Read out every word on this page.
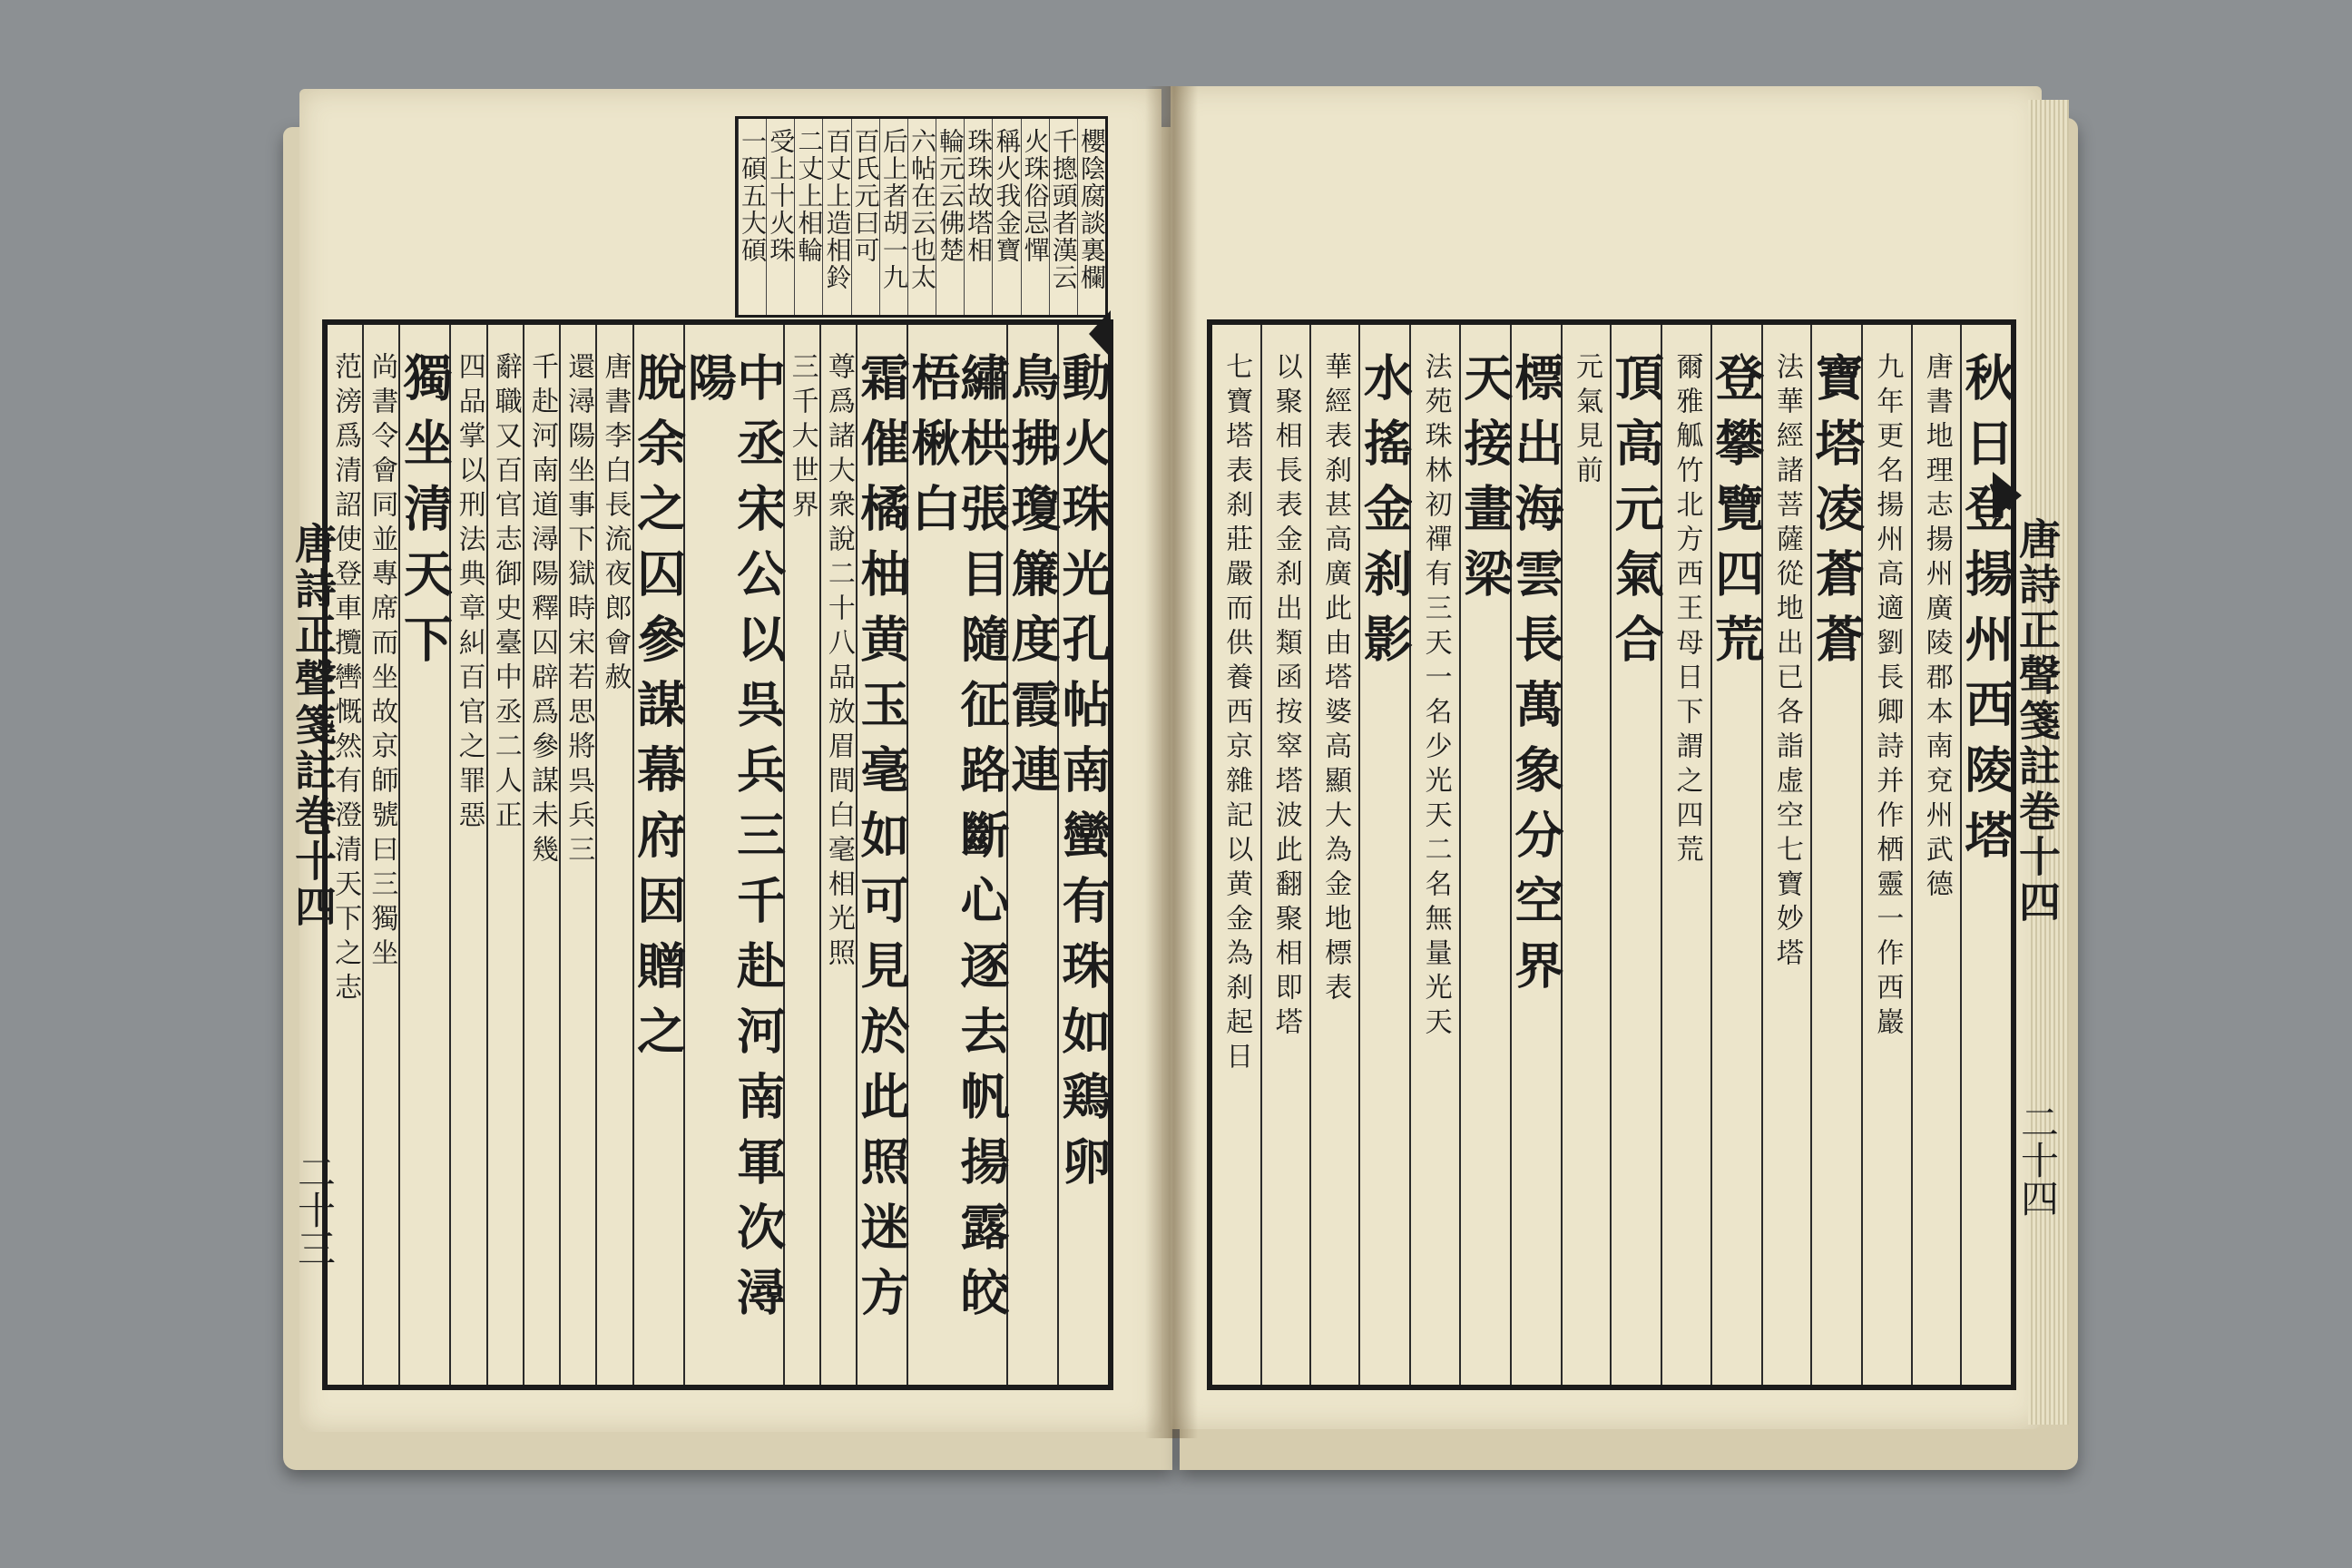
櫻陰腐談裏欄
千摠頭者漢云
火珠俗忌憚
稱火我金寶
珠珠故塔相
輪元云佛楚
六帖在云也太
后上者胡一九
百氏元曰可
百丈上造相鈴
二丈上相輪
受上十火珠
一碩五大碩
動火珠光孔帖南蠻有珠如鶏卵
鳥拂瓊簾度霞連
繡栱張目隨征路斷心逐去帆揚露皎梧楸白
霜催橘柚黄玉毫如可見於此照迷方
尊爲諸大衆說二十八品放眉間白毫相光照
三千大世界
中丞宋公以呉兵三千赴河南軍次潯陽
脫余之囚參謀幕府因贈之
唐書李白長流夜郎會赦
還潯陽坐事下獄時宋若思將呉兵三
千赴河南道潯陽釋囚辟爲參謀未幾
辭職又百官志御史臺中丞二人正
四品掌以刑法典章糾百官之罪惡
獨坐清天下
尚書令會同並專席而坐故京師號曰三獨坐
范滂爲清詔使登車攬轡慨然有澄清天下之志
唐詩正聲箋註巻十四
二十三
秋日登揚州西陵塔
唐書地理志揚州廣陵郡本南兗州武德
九年更名揚州高適劉長卿詩并作栖靈一作西巖
寶塔凌蒼蒼
法華經諸菩薩從地出已各詣虚空七寶妙塔
登攀覽四荒
爾雅觚竹北方西王母日下謂之四荒
頂高元氣合
元氣見前
標出海雲長萬象分空界
天接畫梁
法苑珠林初禪有三天一名少光天二名無量光天
水搖金刹影
華經表刹甚高廣此由塔婆高顯大為金地標表
以聚相長表金刹出類函按窣塔波此翻聚相即塔
七寶塔表刹莊嚴而供養西京雜記以黄金為刹起日	唐詩正聲箋註巻十四
二十四
